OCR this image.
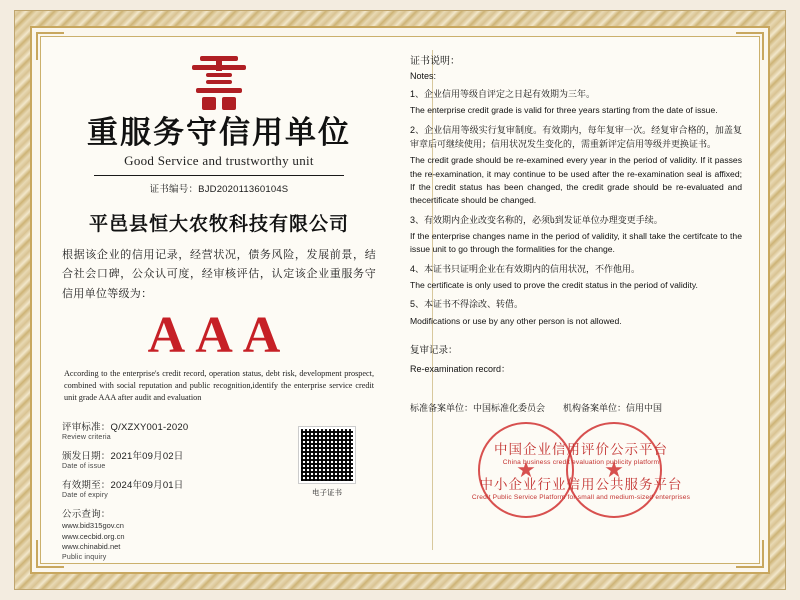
重服务守信用单位
Good Service and trustworthy unit
证书编号：BJD202011360104S
平邑县恒大农牧科技有限公司
根据该企业的信用记录，经营状况，债务风险，发展前景，结合社会口碑，公众认可度，经审核评估，认定该企业重服务守信用单位等级为：
AAA
According to the enterprise's credit record, operation status, debt risk, development prospect, combined with social reputation and public recognition,identify the enterprise service credit unit grade AAA after audit and evaluation
电子证书
评审标准：Q/XZXY001-2020
Review criteria
颁发日期：2021年09月02日
Date of issue
有效期至：2024年09月01日
Date of expiry
公示查询：
www.bid315gov.cn
www.cecbid.org.cn
www.chinabid.net
Public inquiry
证书说明：
Notes:
1、企业信用等级自评定之日起有效期为三年。
The enterprise credit grade is valid for three years starting from the date of issue.
2、企业信用等级实行复审制度。有效期内，每年复审一次。经复审合格的，加盖复审章后可继续使用；信用状况发生变化的，需重新评定信用等级并更换证书。
The credit grade should be re-examined every year in the period of validity. If it passes the re-examination, it may continue to be used after the re-examination seal is affixed; If the credit status has been changed, the credit grade should be re-evaluated and thecertificate should be changed.
3、有效期内企业改变名称的，必须ს到发证单位办理变更手续。
If the enterprise changes name in the period of validity, it shall take the certifcate to the issue unit to go through the formalities for the change.
4、本证书只证明企业在有效期内的信用状况，不作他用。
The certificate is only used to prove the credit status in the period of validity.
5、本证书不得涂改、转借。
Modifications or use by any other person is not allowed.
复审记录：
Re-examination record：
标准备案单位：中国标准化委员会 机构备案单位：信用中国
★	★
中国企业信用评价公示平台
China business credit evaluation publicity platform
中小企业行业信用公共服务平台
Credit Public Service Platform for small and medium-sized enterprises
